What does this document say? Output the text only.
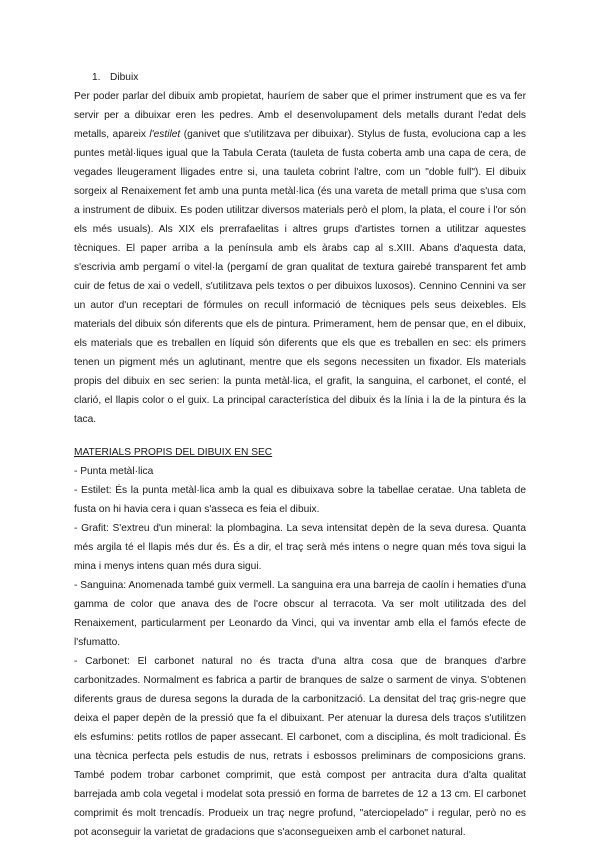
1. Dibuix

Per poder parlar del dibuix amb propietat, hauríem de saber que el primer instrument que es va fer servir per a dibuixar eren les pedres. Amb el desenvolupament dels metalls durant l'edat dels metalls, apareix l'estilet (ganivet que s'utilitzava per dibuixar). Stylus de fusta, evoluciona cap a les puntes metàl·liques igual que la Tabula Cerata (tauleta de fusta coberta amb una capa de cera, de vegades lleugerament lligades entre si, una tauleta cobrint l'altre, com un "doble full"). El dibuix sorgeix al Renaixement fet amb una punta metàl·lica (és una vareta de metall prima que s'usa com a instrument de dibuix. Es poden utilitzar diversos materials però el plom, la plata, el coure i l'or són els més usuals). Als XIX els prerrafaelitas i altres grups d'artistes tornen a utilitzar aquestes tècniques. El paper arriba a la península amb els àrabs cap al s.XIII. Abans d'aquesta data, s'escrivia amb pergamí o vitel·la (pergamí de gran qualitat de textura gairebé transparent fet amb cuir de fetus de xai o vedell, s'utilitzava pels textos o per dibuixos luxosos). Cennino Cennini va ser un autor d'un receptari de fórmules on recull informació de tècniques pels seus deixebles. Els materials del dibuix són diferents que els de pintura. Primerament, hem de pensar que, en el dibuix, els materials que es treballen en líquid són diferents que els que es treballen en sec: els primers tenen un pigment més un aglutinant, mentre que els segons necessiten un fixador. Els materials propis del dibuix en sec serien: la punta metàl·lica, el grafit, la sanguina, el carbonet, el conté, el clarió, el llapis color o el guix. La principal característica del dibuix és la línia i la de la pintura és la taca.

MATERIALS PROPIS DEL DIBUIX EN SEC

- Punta metàl·lica

- Estilet: És la punta metàl·lica amb la qual es dibuixava sobre la tabellae ceratae. Una tableta de fusta on hi havia cera i quan s'asseca es feia el dibuix.

- Grafit: S'extreu d'un mineral: la plombagina. La seva intensitat depèn de la seva duresa. Quanta més argila té el llapis més dur és. És a dir, el traç serà més intens o negre quan més tova sigui la mina i menys intens quan més dura sigui.

- Sanguina: Anomenada també guix vermell. La sanguina era una barreja de caolín i hematies d'una gamma de color que anava des de l'ocre obscur al terracota. Va ser molt utilitzada des del Renaixement, particularment per Leonardo da Vinci, qui va inventar amb ella el famós efecte de l'sfumatto.

- Carbonet: El carbonet natural no és tracta d'una altra cosa que de branques d'arbre carbonitzades. Normalment es fabrica a partir de branques de salze o sarment de vinya. S'obtenen diferents graus de duresa segons la durada de la carbonització. La densitat del traç gris-negre que deixa el paper depèn de la pressió que fa el dibuixant. Per atenuar la duresa dels traços s'utilitzen els esfumins: petits rotllos de paper assecant. El carbonet, com a disciplina, és molt tradicional. És una tècnica perfecta pels estudis de nus, retrats i esbossos preliminars de composicions grans. També podem trobar carbonet comprimit, que està compost per antracita dura d'alta qualitat barrejada amb cola vegetal i modelat sota pressió en forma de barretes de 12 a 13 cm. El carbonet comprimit és molt trencadís. Produeix un traç negre profund, "aterciopelado" i regular, però no es pot aconseguir la varietat de gradacions que s'aconsegueixen amb el carbonet natural.
